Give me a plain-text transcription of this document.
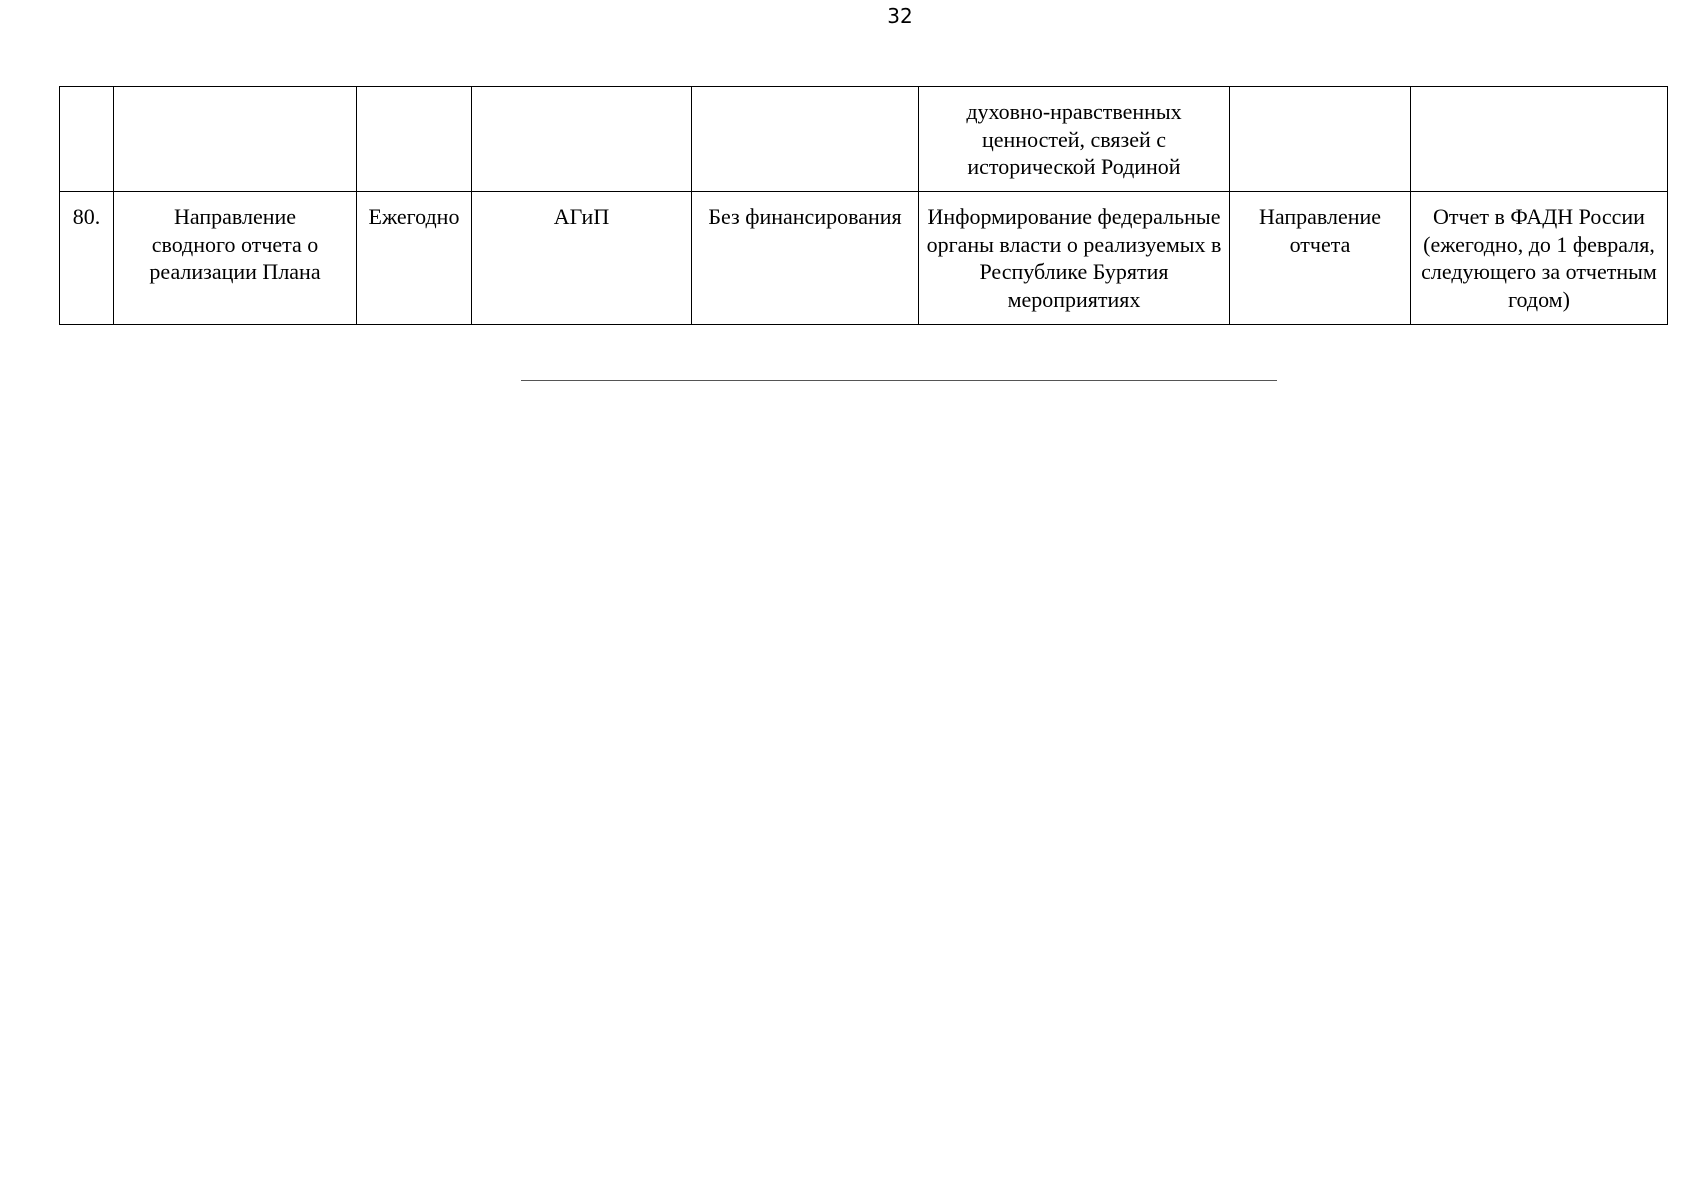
32

					духовно-нравственных ценностей, связей с исторической Родиной		

80.	Направление сводного отчета о реализации Плана	Ежегодно	АГиП	Без финансирования	Информирование федеральные органы власти о реализуемых в Республике Бурятия мероприятиях	Направление отчета	Отчет в ФАДН России (ежегодно, до 1 февраля, следующего за отчетным годом)
